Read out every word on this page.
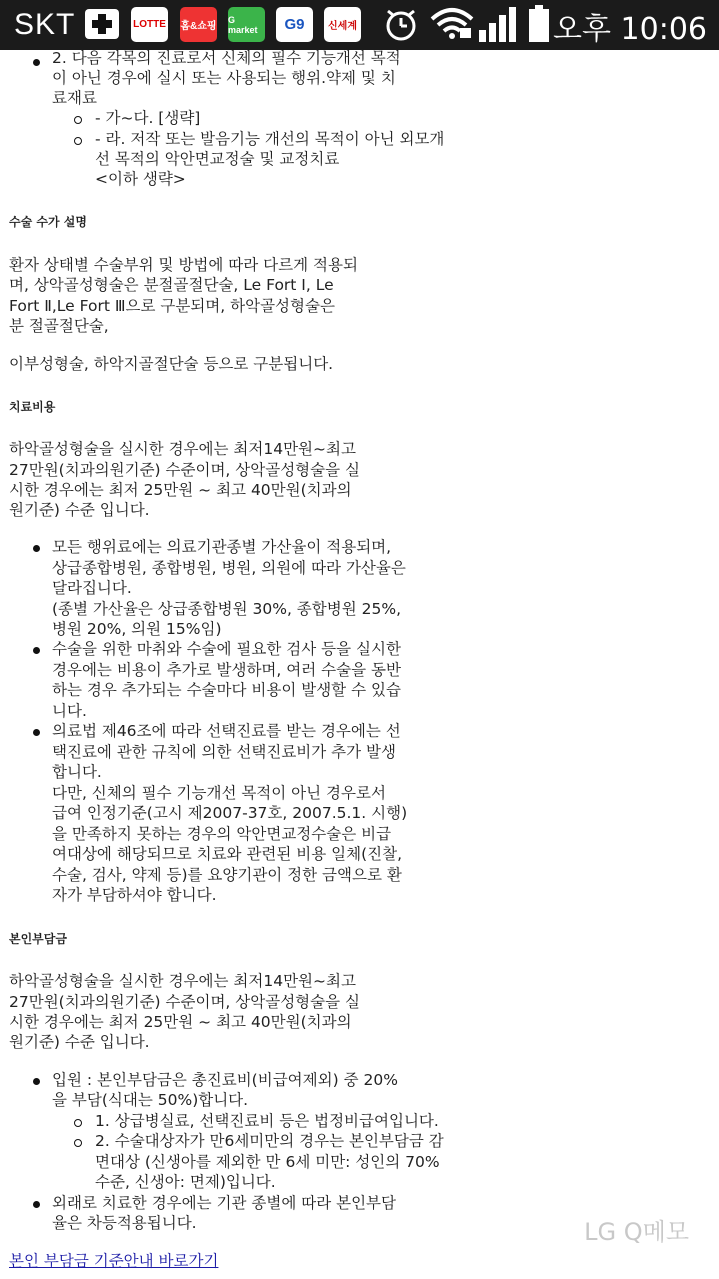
SKT	LOTTE 홈&쇼핑
G market	G9	신세계	오후 10:06
2. 다음 각목의 진료로서 신체의 필수 기능개선 목적
이 아닌 경우에 실시 또는 사용되는 행위.약제 및 치
료재료
- 가~다. [생략]
- 라. 저작 또는 발음기능 개선의 목적이 아닌 외모개
선 목적의 악안면교정술 및 교정치료
<이하 생략>
수술 수가 설명
환자 상태별 수술부위 및 방법에 따라 다르게 적용되
며, 상악골성형술은 분절골절단술, Le Fort Ⅰ, Le
Fort Ⅱ,Le Fort Ⅲ으로 구분되며, 하악골성형술은
분 절골절단술,
이부성형술, 하악지골절단술 등으로 구분됩니다.
치료비용
하악골성형술을 실시한 경우에는 최저14만원~최고
27만원(치과의원기준) 수준이며, 상악골성형술을 실
시한 경우에는 최저 25만원 ~ 최고 40만원(치과의
원기준) 수준 입니다.
모든 행위료에는 의료기관종별 가산율이 적용되며,
상급종합병원, 종합병원, 병원, 의원에 따라 가산율은
달라집니다.
(종별 가산율은 상급종합병원 30%, 종합병원 25%,
병원 20%, 의원 15%임)
수술을 위한 마취와 수술에 필요한 검사 등을 실시한
경우에는 비용이 추가로 발생하며, 여러 수술을 동반
하는 경우 추가되는 수술마다 비용이 발생할 수 있습
니다.
의료법 제46조에 따라 선택진료를 받는 경우에는 선
택진료에 관한 규칙에 의한 선택진료비가 추가 발생
합니다.
다만, 신체의 필수 기능개선 목적이 아닌 경우로서
급여 인정기준(고시 제2007-37호, 2007.5.1. 시행)
을 만족하지 못하는 경우의 악안면교정수술은 비급
여대상에 해당되므로 치료와 관련된 비용 일체(진찰,
수술, 검사, 약제 등)를 요양기관이 정한 금액으로 환
자가 부담하셔야 합니다.
본인부담금
하악골성형술을 실시한 경우에는 최저14만원~최고
27만원(치과의원기준) 수준이며, 상악골성형술을 실
시한 경우에는 최저 25만원 ~ 최고 40만원(치과의
원기준) 수준 입니다.
입원 : 본인부담금은 총진료비(비급여제외) 중 20%
을 부담(식대는 50%)합니다.
1. 상급병실료, 선택진료비 등은 법정비급여입니다.
2. 수술대상자가 만6세미만의 경우는 본인부담금 감
면대상 (신생아를 제외한 만 6세 미만: 성인의 70%
수준, 신생아: 면제)입니다.
외래로 치료한 경우에는 기관 종별에 따라 본인부담
율은 차등적용됩니다.
본인 부담금 기준안내 바로가기
LG Q메모
